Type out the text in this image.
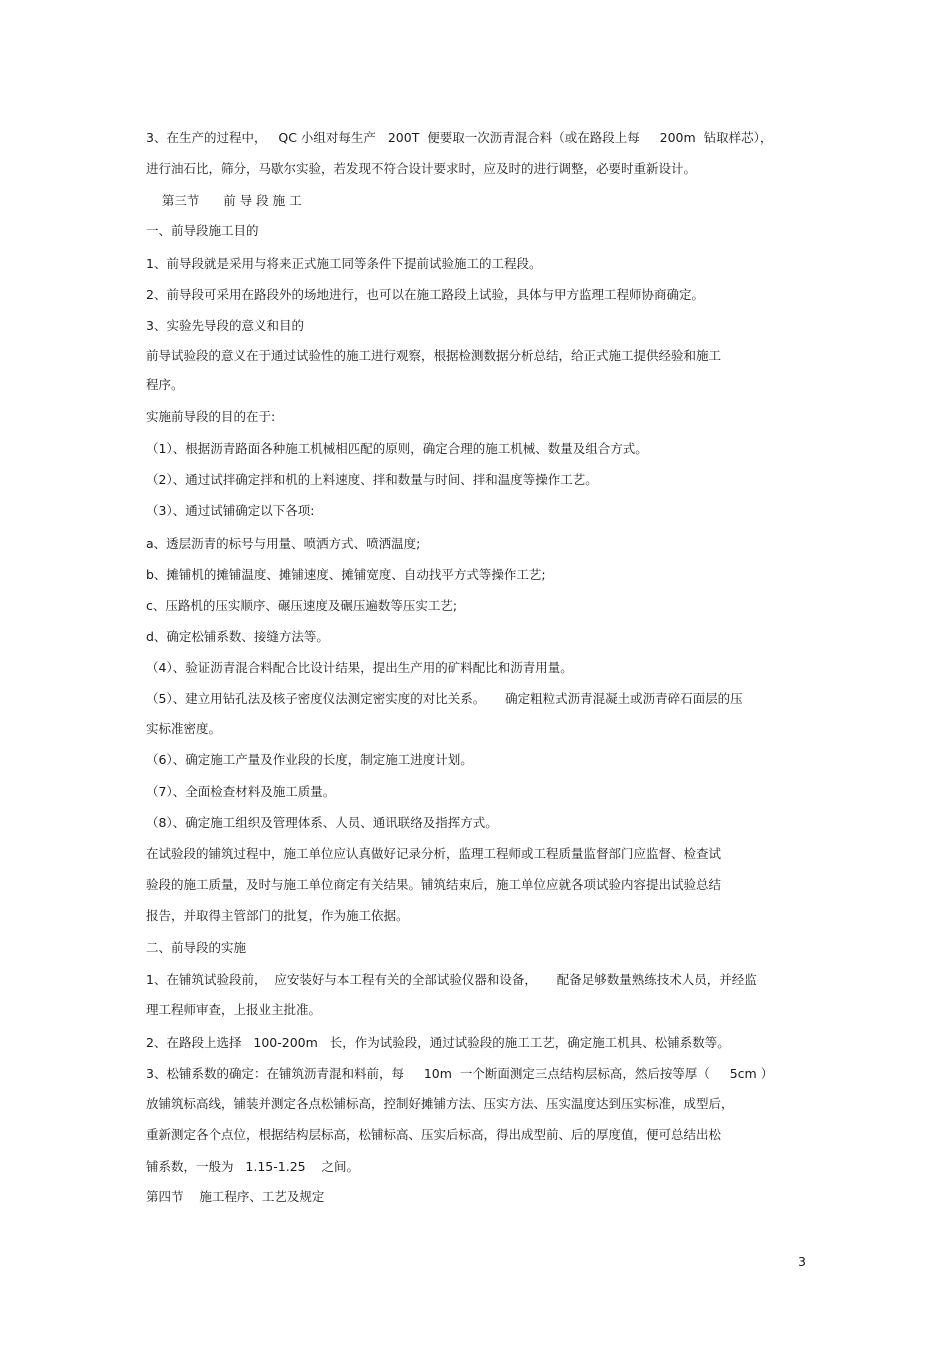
3、在生产的过程中，   QC 小组对每生产   200T  便要取一次沥青混合料（或在路段上每     200m  钻取样芯），

进行油石比，筛分，马歇尔实验，若发现不符合设计要求时，应及时的进行调整，必要时重新设计。

第三节      前 导 段 施 工

一、前导段施工目的

1、前导段就是采用与将来正式施工同等条件下提前试验施工的工程段。

2、前导段可采用在路段外的场地进行，也可以在施工路段上试验，具体与甲方监理工程师协商确定。

3、实验先导段的意义和目的

前导试验段的意义在于通过试验性的施工进行观察，根据检测数据分析总结，给正式施工提供经验和施工

程序。

实施前导段的目的在于:

（1）、根据沥青路面各种施工机械相匹配的原则，确定合理的施工机械、数量及组合方式。

（2）、通过试拌确定拌和机的上料速度、拌和数量与时间、拌和温度等操作工艺。

（3）、通过试铺确定以下各项:

a、透层沥青的标号与用量、喷洒方式、喷洒温度;

b、摊铺机的摊铺温度、摊铺速度、摊铺宽度、自动找平方式等操作工艺;

c、压路机的压实顺序、碾压速度及碾压遍数等压实工艺;

d、确定松铺系数、接缝方法等。

（4）、验证沥青混合料配合比设计结果，提出生产用的矿料配比和沥青用量。

（5）、建立用钻孔法及核子密度仪法测定密实度的对比关系。     确定粗粒式沥青混凝土或沥青碎石面层的压

实标准密度。

（6）、确定施工产量及作业段的长度，制定施工进度计划。

（7）、全面检查材料及施工质量。

（8）、确定施工组织及管理体系、人员、通讯联络及指挥方式。

在试验段的铺筑过程中，施工单位应认真做好记录分析，监理工程师或工程质量监督部门应监督、检查试

验段的施工质量，及时与施工单位商定有关结果。铺筑结束后，施工单位应就各项试验内容提出试验总结

报告，并取得主管部门的批复，作为施工依据。

二、前导段的实施

1、在铺筑试验段前，  应安装好与本工程有关的全部试验仪器和设备，     配备足够数量熟练技术人员，并经监

理工程师审查，上报业主批准。

2、在路段上选择   100-200m   长，作为试验段，通过试验段的施工工艺，确定施工机具、松铺系数等。

3、松铺系数的确定：在铺筑沥青混和料前，每     10m  一个断面测定三点结构层标高，然后按等厚（     5cm ）

放铺筑标高线，铺装并测定各点松铺标高，控制好摊铺方法、压实方法、压实温度达到压实标准，成型后，

重新测定各个点位，根据结构层标高，松铺标高、压实后标高，得出成型前、后的厚度值，便可总结出松

铺系数，一般为   1.15-1.25    之间。

第四节    施工程序、工艺及规定

3
